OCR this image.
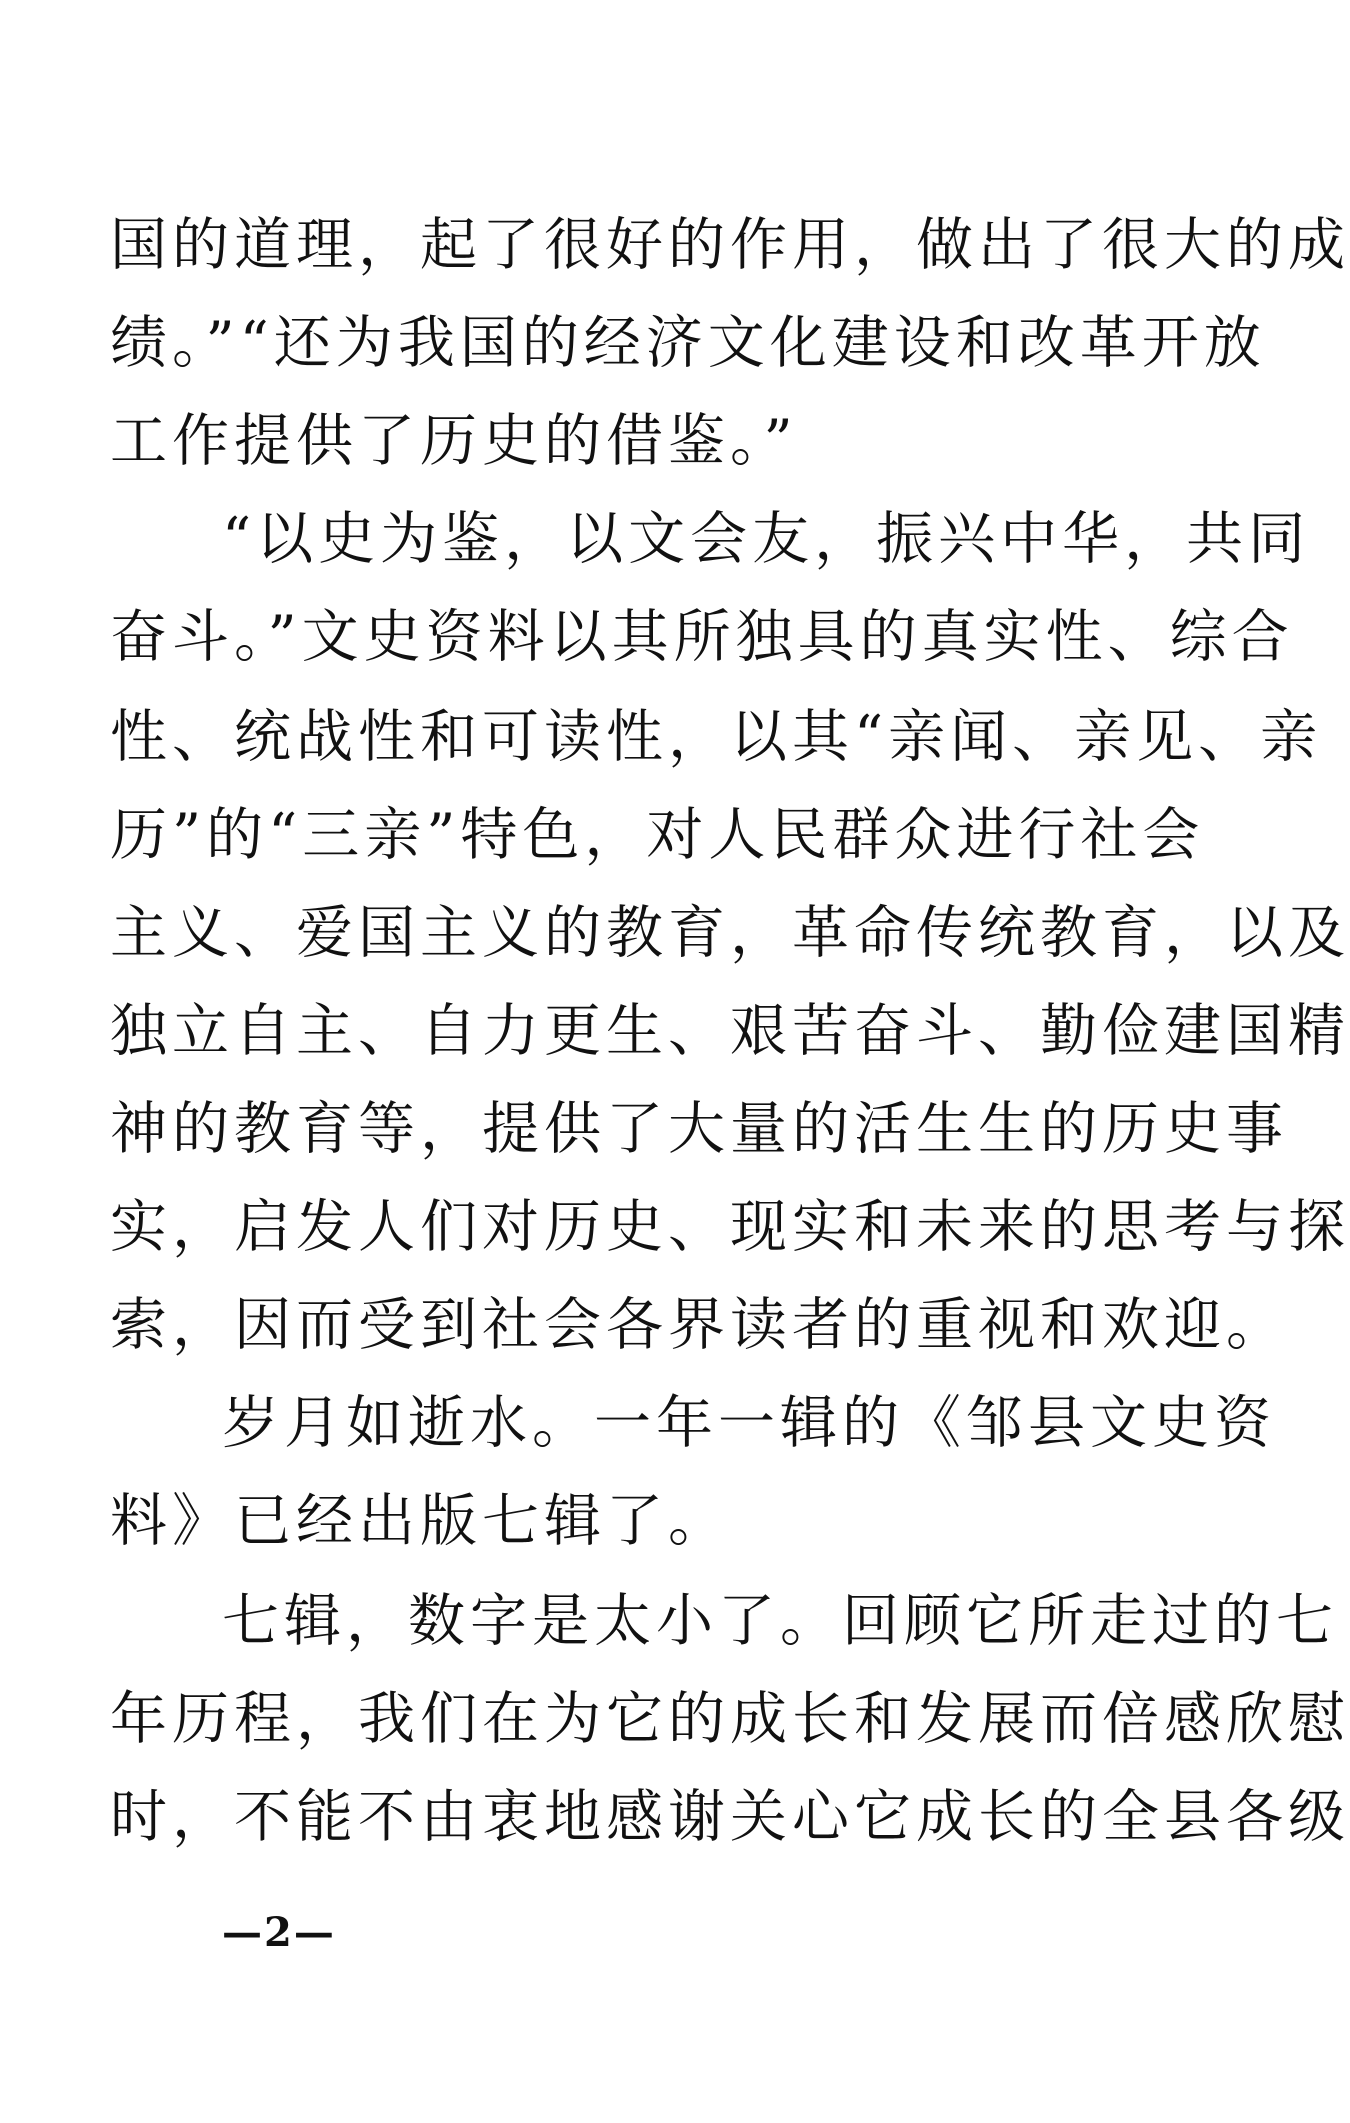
国的道理，起了很好的作用，做出了很大的成
绩。”“还为我国的经济文化建设和改革开放
工作提供了历史的借鉴。”
“以史为鉴，以文会友，振兴中华，共同
奋斗。”文史资料以其所独具的真实性、综合
性、统战性和可读性，以其“亲闻、亲见、亲
历”的“三亲”特色，对人民群众进行社会
主义、爱国主义的教育，革命传统教育，以及
独立自主、自力更生、艰苦奋斗、勤俭建国精
神的教育等，提供了大量的活生生的历史事
实，启发人们对历史、现实和未来的思考与探
索，因而受到社会各界读者的重视和欢迎。
岁月如逝水。一年一辑的《邹县文史资
料》已经出版七辑了。
七辑，数字是太小了。回顾它所走过的七
年历程，我们在为它的成长和发展而倍感欣慰
时，不能不由衷地感谢关心它成长的全县各级
—2—
